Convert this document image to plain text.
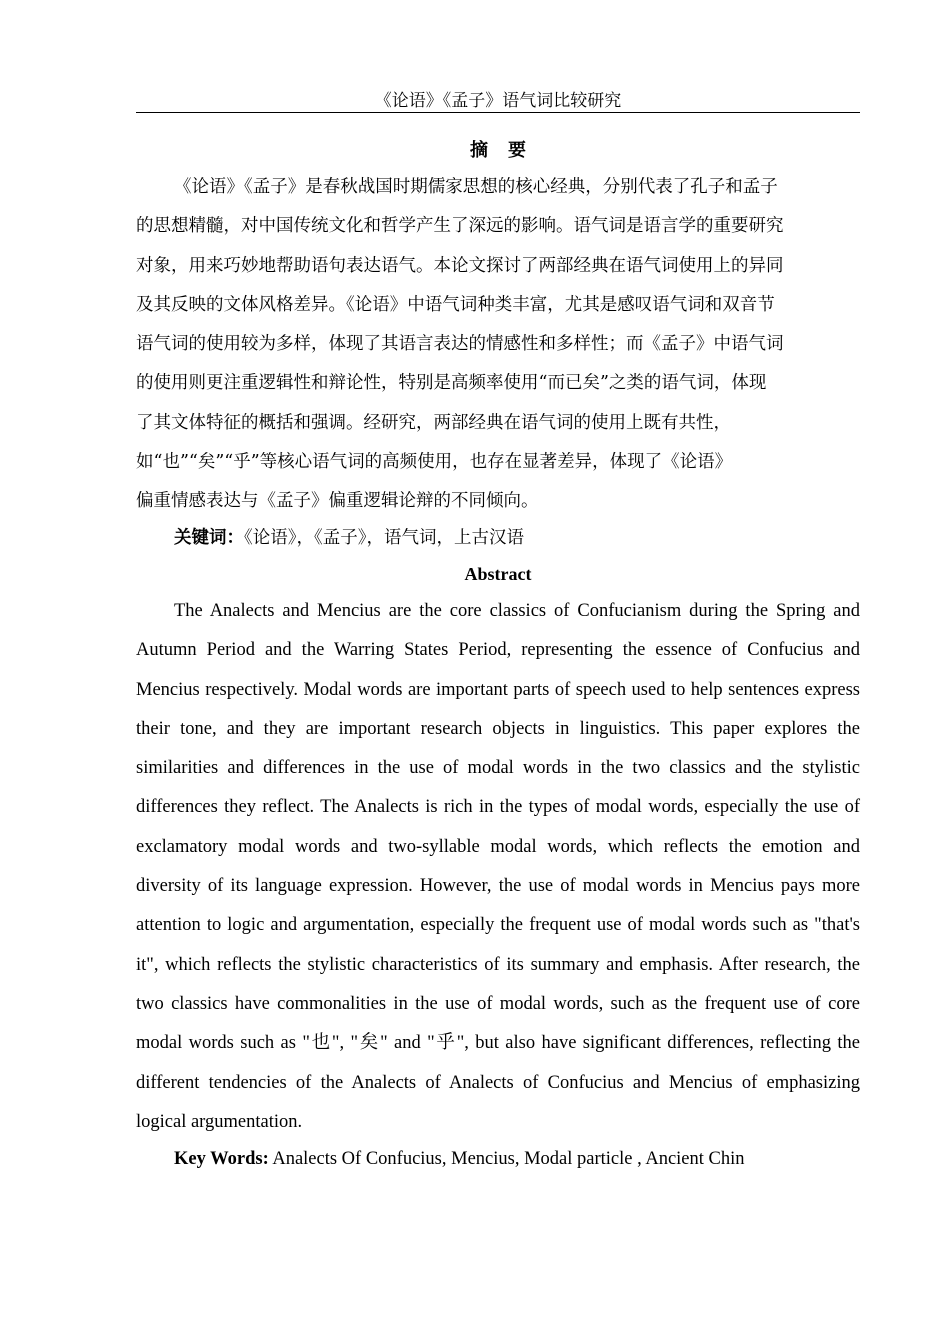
《论语》《孟子》语气词比较研究
摘 要
《论语》《孟子》是春秋战国时期儒家思想的核心经典，分别代表了孔子和孟子
的思想精髓，对中国传统文化和哲学产生了深远的影响。语气词是语言学的重要研究
对象，用来巧妙地帮助语句表达语气。本论文探讨了两部经典在语气词使用上的异同
及其反映的文体风格差异。《论语》中语气词种类丰富，尤其是感叹语气词和双音节
语气词的使用较为多样，体现了其语言表达的情感性和多样性；而《孟子》中语气词
的使用则更注重逻辑性和辩论性，特别是高频率使用“而已矣”之类的语气词，体现
了其文体特征的概括和强调。经研究，两部经典在语气词的使用上既有共性，
如“也”“矣”“乎”等核心语气词的高频使用，也存在显著差异，体现了《论语》
偏重情感表达与《孟子》偏重逻辑论辩的不同倾向。
关键词：《论语》，《孟子》，语气词，上古汉语
Abstract
The Analects and Mencius are the core classics of Confucianism during the Spring and
Autumn Period and the Warring States Period, representing the essence of Confucius and
Mencius respectively. Modal words are important parts of speech used to help sentences express
their tone, and they are important research objects in linguistics. This paper explores the
similarities and differences in the use of modal words in the two classics and the stylistic
differences they reflect. The Analects is rich in the types of modal words, especially the use of
exclamatory modal words and two-syllable modal words, which reflects the emotion and
diversity of its language expression. However, the use of modal words in Mencius pays more
attention to logic and argumentation, especially the frequent use of modal words such as "that's
it", which reflects the stylistic characteristics of its summary and emphasis. After research, the
two classics have commonalities in the use of modal words, such as the frequent use of core
modal words such as "也", "矣" and "乎", but also have significant differences, reflecting the
different tendencies of the Analects of Analects of Confucius and Mencius of emphasizing
logical argumentation.
Key Words: Analects Of Confucius, Mencius, Modal particle , Ancient Chin
